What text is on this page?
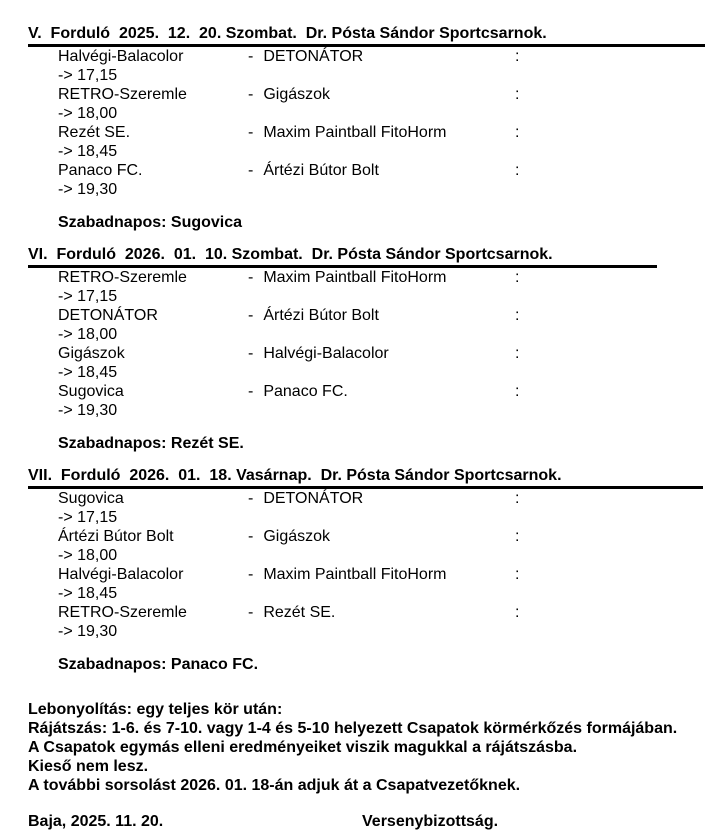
V.  Forduló  2025.  12.  20. Szombat.  Dr. Pósta Sándor Sportcsarnok.
Halvégi-Balacolor	- DETONÁTOR	:
-> 17,15
RETRO-Szeremle	- Gigászok	:
-> 18,00
Rezét SE.	- Maxim Paintball FitoHorm	:
-> 18,45
Panaco FC.	- Ártézi Bútor Bolt	:
-> 19,30
Szabadnapos: Sugovica
VI.  Forduló  2026.  01.  10. Szombat.  Dr. Pósta Sándor Sportcsarnok.
RETRO-Szeremle	- Maxim Paintball FitoHorm	:
-> 17,15
DETONÁTOR	- Ártézi Bútor Bolt	:
-> 18,00
Gigászok	- Halvégi-Balacolor	:
-> 18,45
Sugovica	- Panaco FC.	:
-> 19,30
Szabadnapos: Rezét SE.
VII.  Forduló  2026.  01.  18. Vasárnap.  Dr. Pósta Sándor Sportcsarnok.
Sugovica	- DETONÁTOR	:
-> 17,15
Ártézi Bútor Bolt	- Gigászok	:
-> 18,00
Halvégi-Balacolor	- Maxim Paintball FitoHorm	:
-> 18,45
RETRO-Szeremle	- Rezét SE.	:
-> 19,30
Szabadnapos: Panaco FC.
Lebonyolítás: egy teljes kör után:
Rájátszás: 1-6. és 7-10. vagy 1-4 és 5-10 helyezett Csapatok körmérkőzés formájában.
A Csapatok egymás elleni eredményeiket viszik magukkal a rájátszásba.
Kieső nem lesz.
A további sorsolást 2026. 01. 18-án adjuk át a Csapatvezetőknek.
Baja, 2025. 11. 20.	Versenybizottság.
